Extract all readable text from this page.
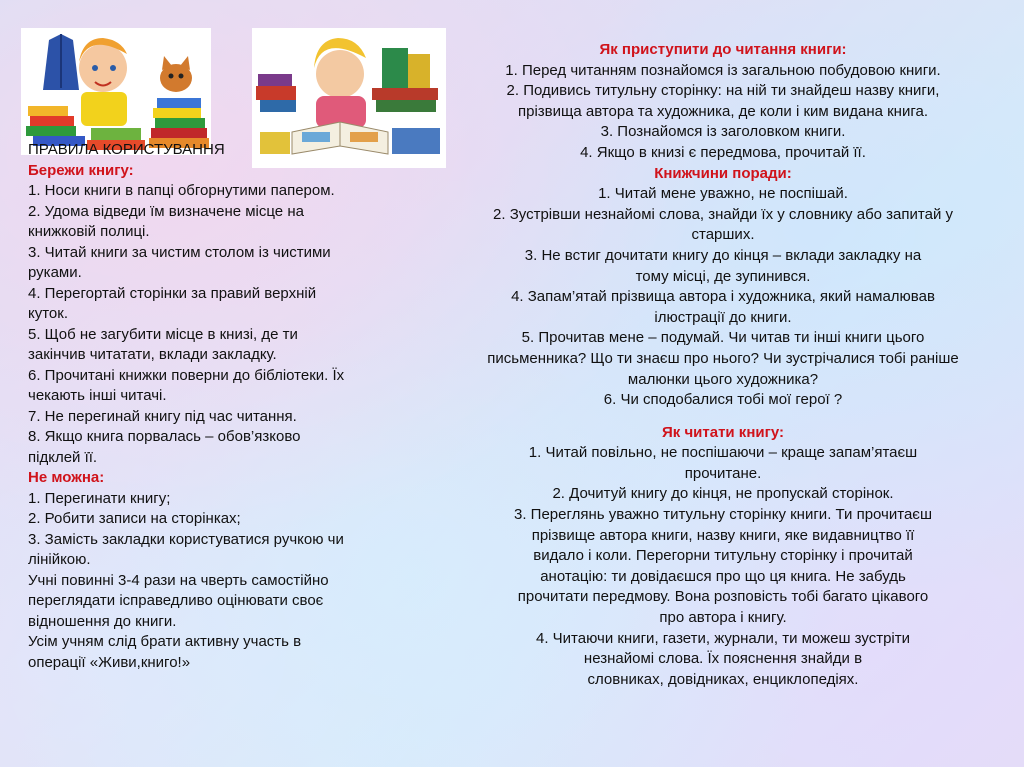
ПРАВИЛА КОРИСТУВАННЯ

Бережи книгу:

1. Носи книги в папці обгорнутими папером.

2. Удома відведи їм визначене місце на

книжковій полиці.

3. Читай книги за чистим столом із чистими

руками.

4. Перегортай сторінки за правий верхній

куток.

5. Щоб не загубити місце в книзі, де ти

закінчив читатати, вклади закладку.

6. Прочитані книжки поверни до бібліотеки. Їх

чекають інші читачі.

7. Не перегинай книгу під час читання.

8. Якщо книга порвалась – обов’язково

підклей її.

Не можна:

1. Перегинати книгу;

2. Робити записи на сторінках;

3. Замість закладки користуватися ручкою чи

лінійкою.

Учні повинні 3-4 рази на чверть самостійно

переглядати ісправедливо оцінювати своє

відношення до книги.

Усім учням слід брати активну участь в

операції «Живи,книго!»

Як приступити до читання книги:

1. Перед читанням познайомся із загальною побудовою книги.

2. Подивись титульну сторінку: на ній ти знайдеш назву книги,

прізвища автора та художника, де коли і ким видана книга.

3. Познайомся із заголовком книги.

4. Якщо в книзі є передмова, прочитай її.

Книжчини поради:

1. Читай мене уважно, не поспішай.

2. Зустрівши незнайомі слова, знайди їх у словнику або запитай у

старших.

3. Не встиг дочитати книгу до кінця – вклади закладку на

тому місці, де зупинився.

4. Запам’ятай прізвища автора і художника, який намалював

ілюстрації до книги.

5. Прочитав мене – подумай. Чи читав ти інші книги цього

письменника? Що ти знаєш про нього? Чи зустрічалися тобі раніше

малюнки цього художника?

6. Чи сподобалися тобі мої герої ?

Як читати книгу:

1. Читай повільно, не поспішаючи – краще запам’ятаєш

прочитане.

2. Дочитуй книгу до кінця, не пропускай сторінок.

3. Переглянь уважно титульну сторінку книги. Ти прочитаєш

прізвище автора книги, назву книги, яке видавництво її

видало і коли. Перегорни титульну сторінку і прочитай

анотацію: ти довідаєшся про що ця книга. Не забудь

прочитати передмову. Вона розповість тобі багато цікавого

про автора і книгу.

4. Читаючи книги, газети, журнали, ти можеш зустріти

незнайомі слова. Їх пояснення знайди в

словниках, довідниках, енциклопедіях.
